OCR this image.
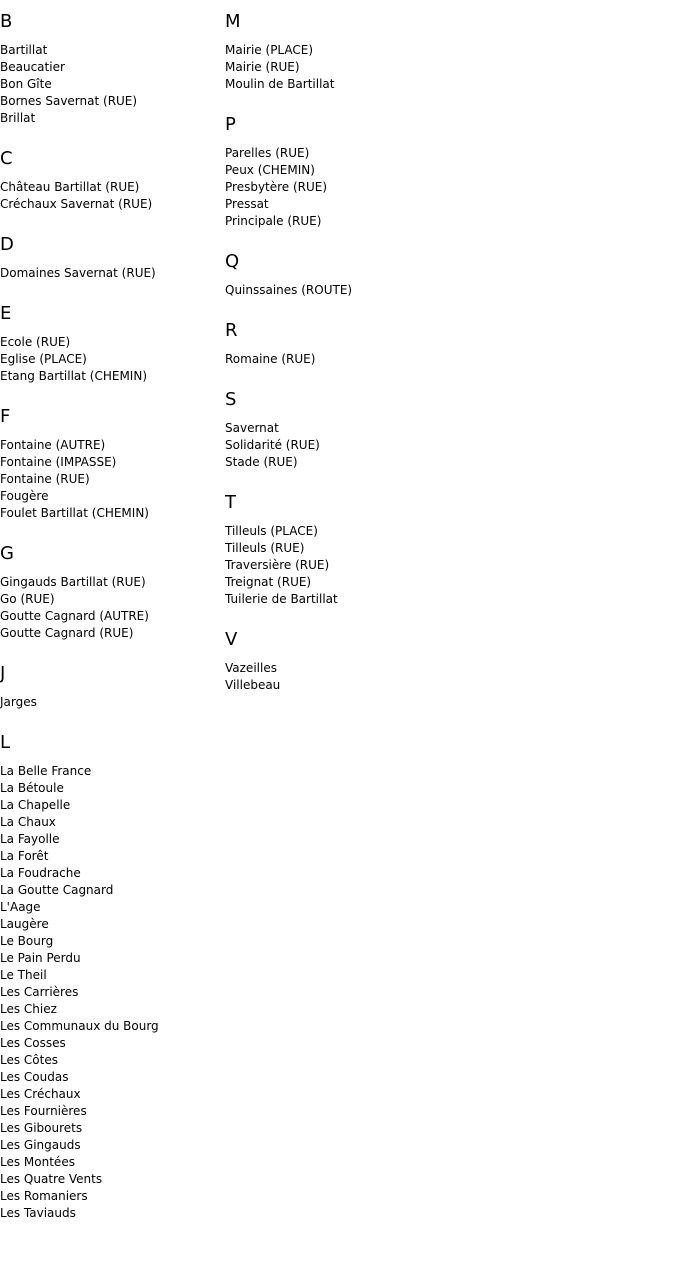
B
Bartillat
Beaucatier
Bon Gîte
Bornes Savernat (RUE)
Brillat
C
Château Bartillat (RUE)
Créchaux Savernat (RUE)
D
Domaines Savernat (RUE)
E
Ecole (RUE)
Eglise (PLACE)
Etang Bartillat (CHEMIN)
F
Fontaine (AUTRE)
Fontaine (IMPASSE)
Fontaine (RUE)
Fougère
Foulet Bartillat (CHEMIN)
G
Gingauds Bartillat (RUE)
Go (RUE)
Goutte Cagnard (AUTRE)
Goutte Cagnard (RUE)
J
Jarges
L
La Belle France
La Bétoule
La Chapelle
La Chaux
La Fayolle
La Forêt
La Foudrache
La Goutte Cagnard
L'Aage
Laugère
Le Bourg
Le Pain Perdu
Le Theil
Les Carrières
Les Chiez
Les Communaux du Bourg
Les Cosses
Les Côtes
Les Coudas
Les Créchaux
Les Fournières
Les Gibourets
Les Gingauds
Les Montées
Les Quatre Vents
Les Romaniers
Les Taviauds
M
Mairie (PLACE)
Mairie (RUE)
Moulin de Bartillat
P
Parelles (RUE)
Peux (CHEMIN)
Presbytère (RUE)
Pressat
Principale (RUE)
Q
Quinssaines (ROUTE)
R
Romaine (RUE)
S
Savernat
Solidarité (RUE)
Stade (RUE)
T
Tilleuls (PLACE)
Tilleuls (RUE)
Traversière (RUE)
Treignat (RUE)
Tuilerie de Bartillat
V
Vazeilles
Villebeau
